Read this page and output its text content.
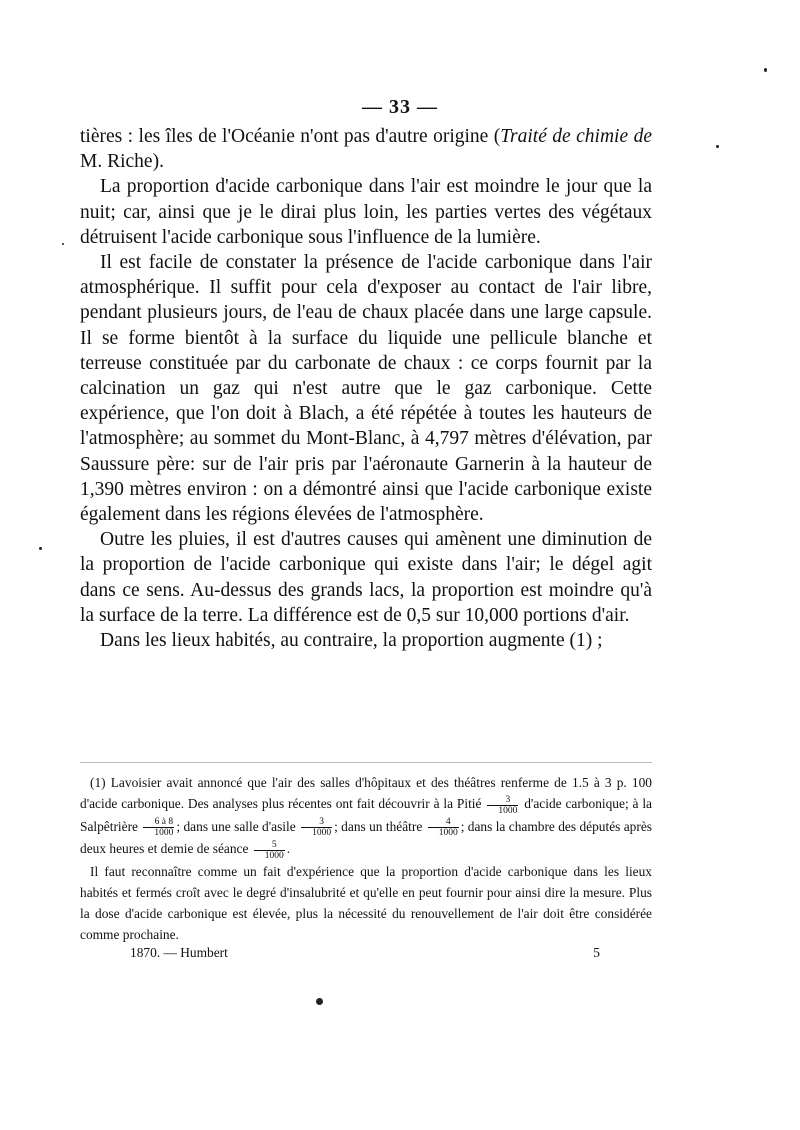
— 33 —

tières : les îles de l'Océanie n'ont pas d'autre origine (Traité de chimie de M. Riche).

La proportion d'acide carbonique dans l'air est moindre le jour que la nuit; car, ainsi que je le dirai plus loin, les parties vertes des végétaux détruisent l'acide carbonique sous l'influence de la lumière.

Il est facile de constater la présence de l'acide carbonique dans l'air atmosphérique. Il suffit pour cela d'exposer au contact de l'air libre, pendant plusieurs jours, de l'eau de chaux placée dans une large capsule. Il se forme bientôt à la surface du liquide une pellicule blanche et terreuse constituée par du carbonate de chaux : ce corps fournit par la calcination un gaz qui n'est autre que le gaz carbonique. Cette expérience, que l'on doit à Blach, a été répétée à toutes les hauteurs de l'atmosphère; au sommet du Mont-Blanc, à 4,797 mètres d'élévation, par Saussure père: sur de l'air pris par l'aéronaute Garnerin à la hauteur de 1,390 mètres environ : on a démontré ainsi que l'acide carbonique existe également dans les régions élevées de l'atmosphère.

Outre les pluies, il est d'autres causes qui amènent une diminution de la proportion de l'acide carbonique qui existe dans l'air; le dégel agit dans ce sens. Au-dessus des grands lacs, la proportion est moindre qu'à la surface de la terre. La différence est de 0,5 sur 10,000 portions d'air.

Dans les lieux habités, au contraire, la proportion augmente (1) ;

(1) Lavoisier avait annoncé que l'air des salles d'hôpitaux et des théâtres renferme de 1.5 à 3 p. 100 d'acide carbonique. Des analyses plus récentes ont fait découvrir à la Pitié $\frac{3}{1000}$ d'acide carbonique; à la Salpêtrière $\frac{6 à 8}{1000}$ ; dans une salle d'asile $\frac{3}{1000}$ ; dans un théâtre $\frac{4}{1000}$ ; dans la chambre des députés après deux heures et demie de séance $\frac{5}{1000}$ .

Il faut reconnaître comme un fait d'expérience que la proportion d'acide carbonique dans les lieux habités et fermés croît avec le degré d'insalubrité et qu'elle en peut fournir pour ainsi dire la mesure. Plus la dose d'acide carbonique est élevée, plus la nécessité du renouvellement de l'air doit être considérée comme prochaine.

1870. — Humbert	5
